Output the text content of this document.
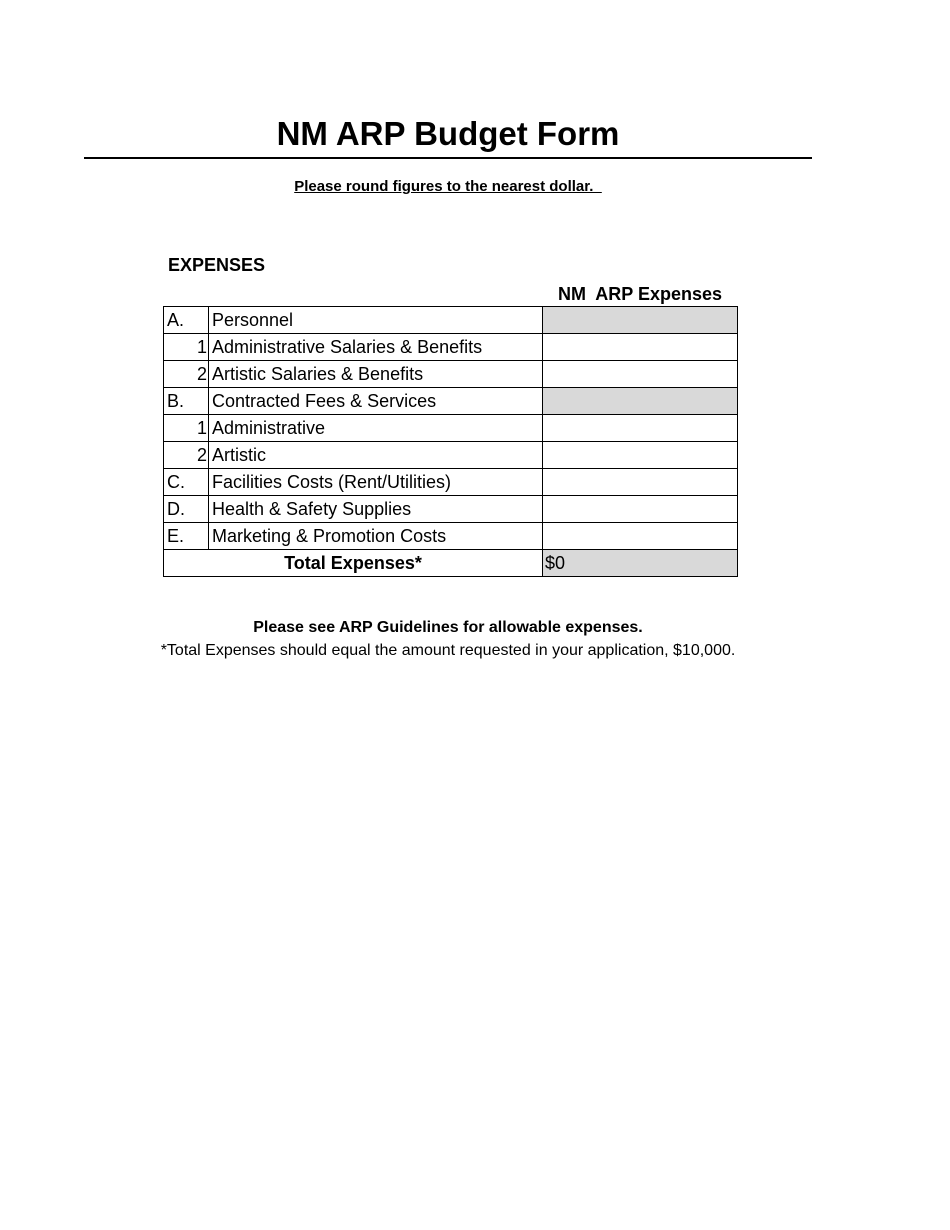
NM ARP Budget Form
Please round figures to the nearest dollar.
EXPENSES
NM  ARP Expenses
A.	Personnel	
1	Administrative Salaries & Benefits	
2	Artistic Salaries & Benefits	
B.	Contracted Fees & Services	
1	Administrative	
2	Artistic	
C.	Facilities Costs (Rent/Utilities)	
D.	Health & Safety Supplies	
E.	Marketing & Promotion Costs	
Total Expenses*		$0
Please see ARP Guidelines for allowable expenses.
*Total Expenses should equal the amount requested in your application, $10,000.
